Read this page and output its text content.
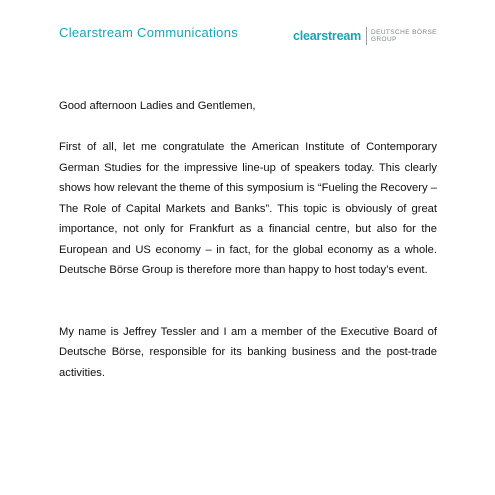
Clearstream Communications	clearstream DEUTSCHE BÖRSE
GROUP

Good afternoon Ladies and Gentlemen,

First of all, let me congratulate the American Institute of Contemporary German Studies for the impressive line-up of speakers today. This clearly shows how relevant the theme of this symposium is “Fueling the Recovery – The Role of Capital Markets and Banks”. This topic is obviously of great importance, not only for Frankfurt as a financial centre, but also for the European and US economy – in fact, for the global economy as a whole. Deutsche Börse Group is therefore more than happy to host today’s event.

My name is Jeffrey Tessler and I am a member of the Executive Board of Deutsche Börse, responsible for its banking business and the post-trade activities.
